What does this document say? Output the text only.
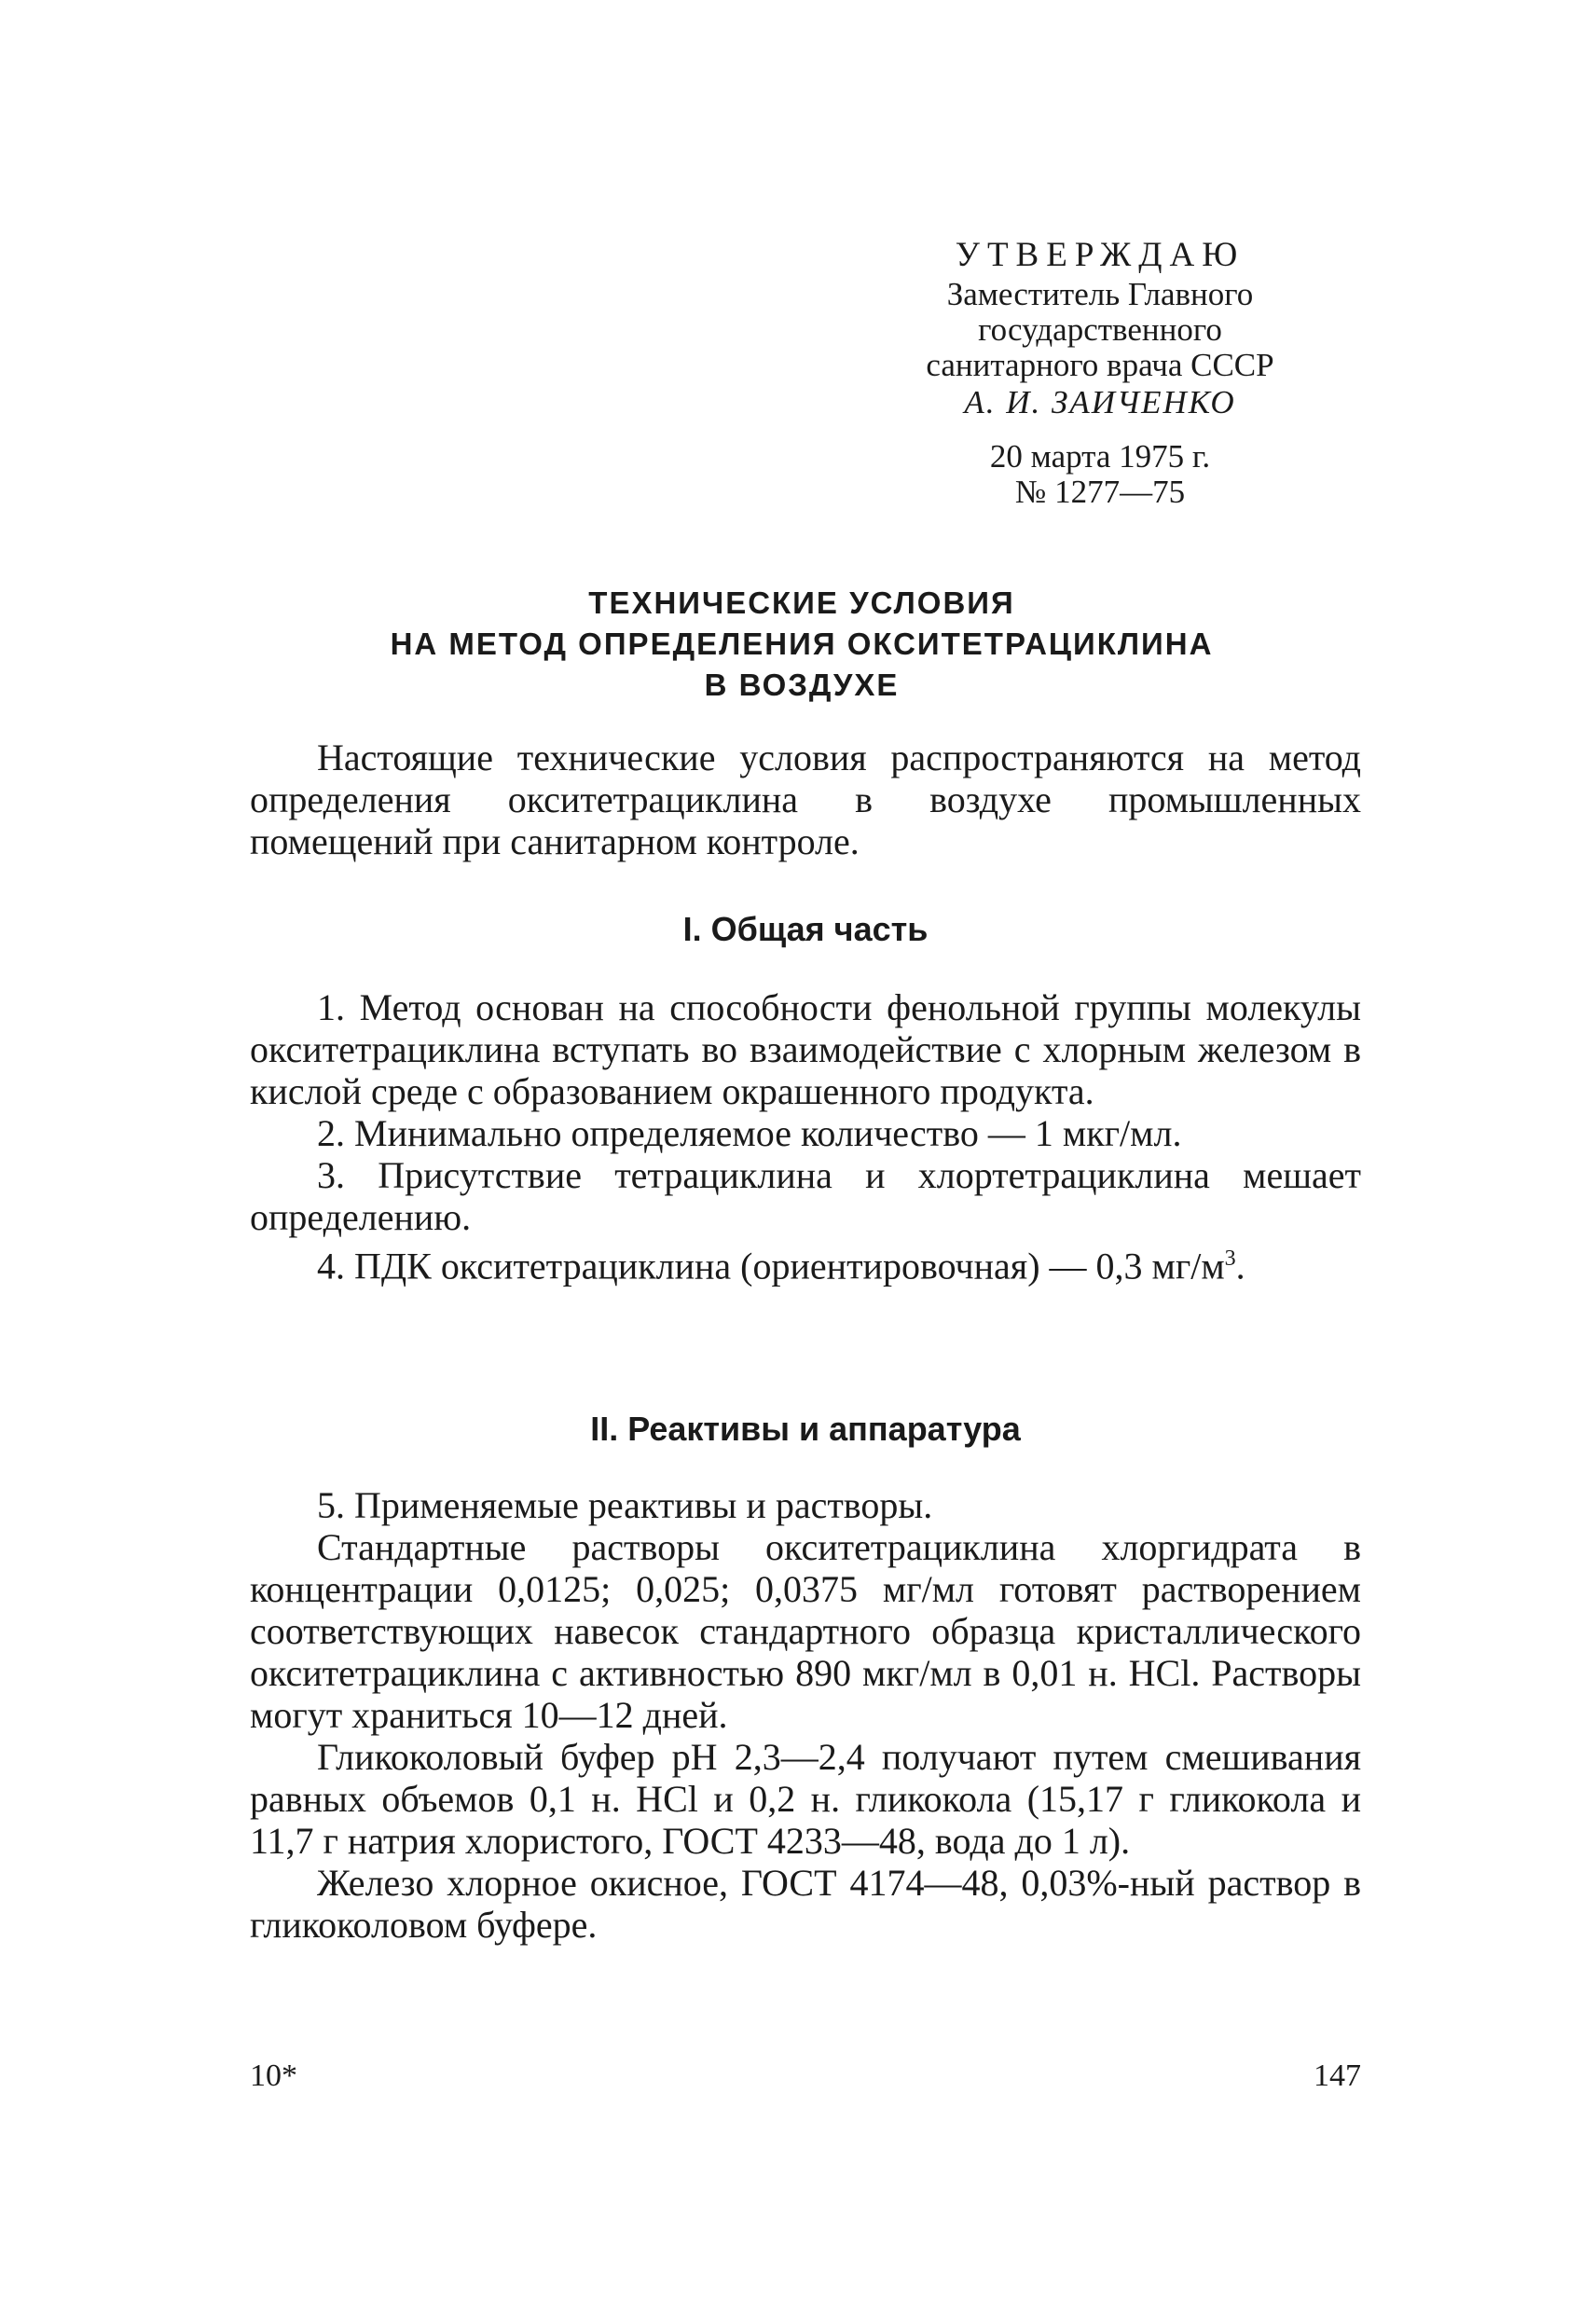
УТВЕРЖДАЮ
Заместитель Главного
государственного
санитарного врача СССР
А. И. ЗАИЧЕНКО
20 марта 1975 г.
№ 1277—75
ТЕХНИЧЕСКИЕ УСЛОВИЯ
НА МЕТОД ОПРЕДЕЛЕНИЯ ОКСИТЕТРАЦИКЛИНА
В ВОЗДУХЕ

Настоящие технические условия распространяются на метод определения окситетрациклина в воздухе промышленных помещений при санитарном контроле.

I. Общая часть

1. Метод основан на способности фенольной группы молекулы окситетрациклина вступать во взаимодействие с хлорным железом в кислой среде с образованием окрашенного продукта.

2. Минимально определяемое количество — 1 мкг/мл.

3. Присутствие тетрациклина и хлортетрациклина мешает определению.

4. ПДК окситетрациклина (ориентировочная) — 0,3 $мг/м^3$.

II. Реактивы и аппаратура

5. Применяемые реактивы и растворы.

Стандартные растворы окситетрациклина хлоргидрата в концентрации 0,0125; 0,025; 0,0375 мг/мл готовят растворением соответствующих навесок стандартного образца кристаллического окситетрациклина с активностью 890 мкг/мл в 0,01 н. HCl. Растворы могут храниться 10—12 дней.

Гликоколовый буфер pH 2,3—2,4 получают путем смешивания равных объемов 0,1 н. HCl и 0,2 н. гликокола (15,17 г гликокола и 11,7 г натрия хлористого, ГОСТ 4233—48, вода до 1 л).

Железо хлорное окисное, ГОСТ 4174—48, 0,03%-ный раствор в гликоколовом буфере.

10*	147
